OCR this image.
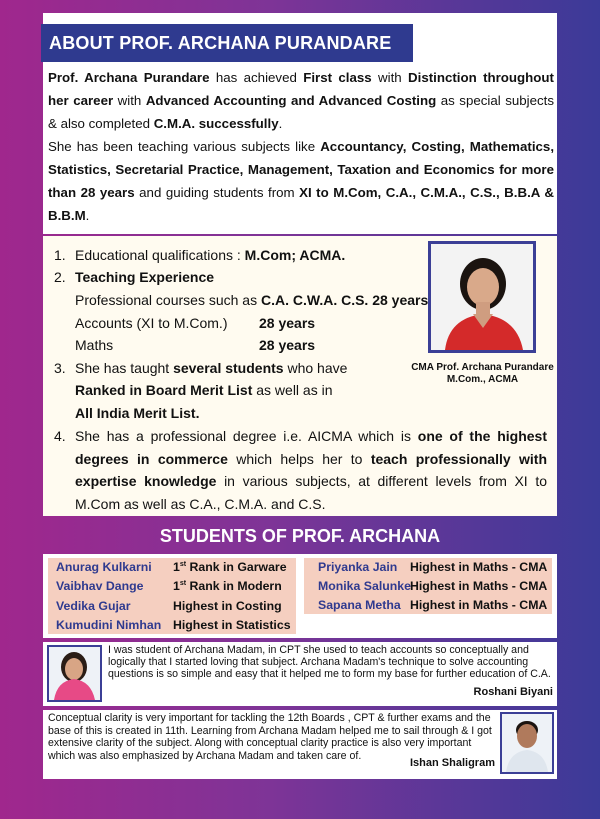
ABOUT PROF. ARCHANA PURANDARE
Prof. Archana Purandare has achieved First class with Distinction throughout her career with Advanced Accounting and Advanced Costing as special subjects & also completed C.M.A. successfully.
She has been teaching various subjects like Accountancy, Costing, Mathematics, Statistics, Secretarial Practice, Management, Taxation and Economics for more than 28 years and guiding students from XI to M.Com, C.A., C.M.A., C.S., B.B.A & B.B.M.
1. Educational qualifications : M.Com; ACMA.
2. Teaching Experience
Professional courses such as C.A. C.W.A. C.S. 28 years
Accounts (XI to M.Com.) 28 years
Maths	28 years
3. She has taught several students who have
Ranked in Board Merit List as well as in
All India Merit List.
4. She has a professional degree i.e. AICMA which is one of the highest degrees in commerce which helps her to teach professionally with expertise knowledge in various subjects, at different levels from XI to M.Com as well as C.A., C.M.A. and C.S.
CMA Prof. Archana Purandare
M.Com., ACMA
STUDENTS OF PROF. ARCHANA
Anurag Kulkarni 1st Rank in Garware
Vaibhav Dange 1st Rank in Modern
Vedika Gujar	Highest in Costing
Kumudini Nimhan Highest in Statistics
Priyanka Jain Highest in Maths - CMA
Monika Salunke Highest in Maths - CMA
Sapana Metha Highest in Maths - CMA
I was student of Archana Madam, in CPT she used to teach accounts so conceptually and logically that I started loving that subject. Archana Madam's technique to solve accounting questions is so simple and easy that it helped me to form my base for further education of C.A.
Roshani Biyani
Conceptual clarity is very important for tackling the 12th Boards , CPT & further exams and the base of this is created in 11th. Learning from Archana Madam helped me to sail through & I got extensive clarity of the subject. Along with conceptual clarity practice is also very important which was also emphasized by Archana Madam and taken care of.
Ishan Shaligram
